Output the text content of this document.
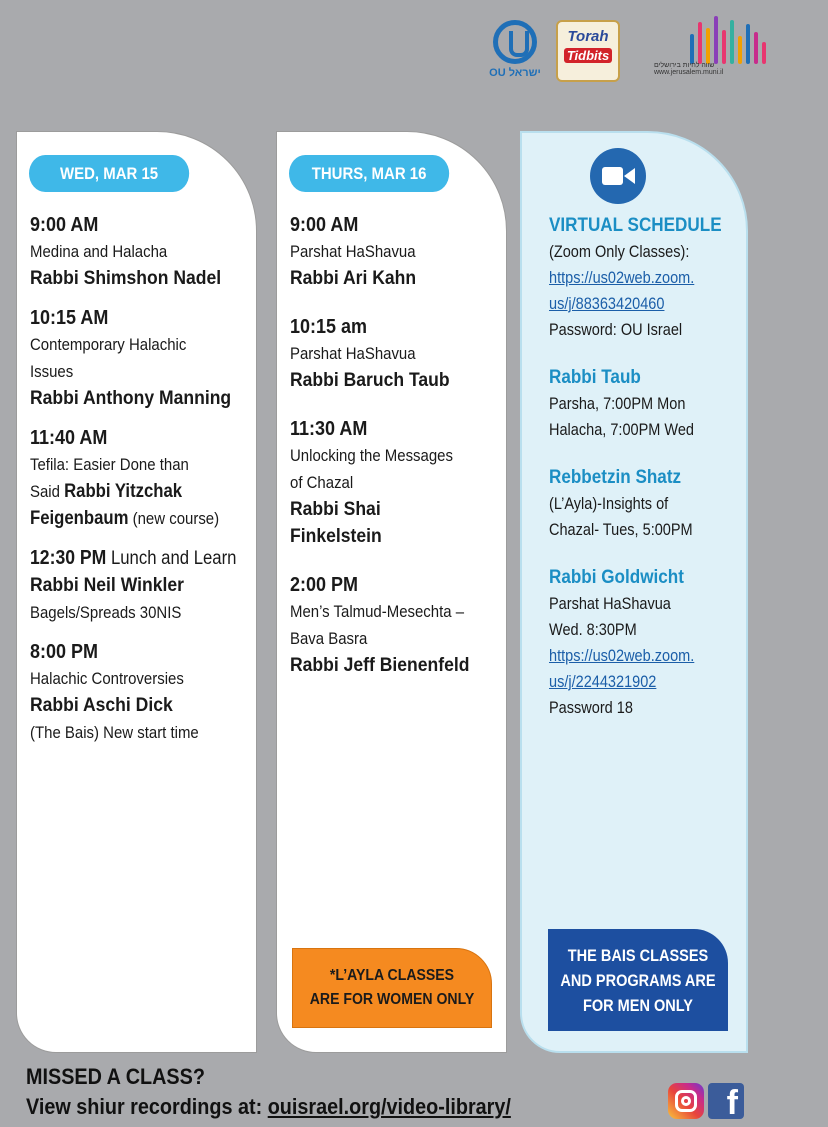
OU ישראל
Torah
Tidbits
שווה לחיות בירושלים www.jerusalem.muni.il
WED, MAR 15
9:00 AM
Medina and Halacha
Rabbi Shimshon Nadel
10:15 AM
Contemporary Halachic
Issues
Rabbi Anthony Manning
11:40 AM
Tefila: Easier Done than
Said Rabbi Yitzchak
Feigenbaum (new course)
12:30 PM Lunch and Learn
Rabbi Neil Winkler
Bagels/Spreads 30NIS
8:00 PM
Halachic Controversies
Rabbi Aschi Dick
(The Bais) New start time
THURS, MAR 16
9:00 AM
Parshat HaShavua
Rabbi Ari Kahn
10:15 am
Parshat HaShavua
Rabbi Baruch Taub
11:30 AM
Unlocking the Messages
of Chazal
Rabbi Shai
Finkelstein
2:00 PM
Men’s Talmud-Mesechta –
Bava Basra
Rabbi Jeff Bienenfeld
*L’AYLA CLASSES
ARE FOR WOMEN ONLY
VIRTUAL SCHEDULE
(Zoom Only Classes):
https://us02web.zoom.
us/j/88363420460
Password: OU Israel
Rabbi Taub
Parsha, 7:00PM Mon
Halacha, 7:00PM Wed
Rebbetzin Shatz
(L’Ayla)-Insights of
Chazal- Tues, 5:00PM
Rabbi Goldwicht
Parshat HaShavua
Wed. 8:30PM
https://us02web.zoom.
us/j/2244321902
Password 18
THE BAIS CLASSES
AND PROGRAMS ARE
FOR MEN ONLY
MISSED A CLASS?
View shiur recordings at: ouisrael.org/video-library/	f
